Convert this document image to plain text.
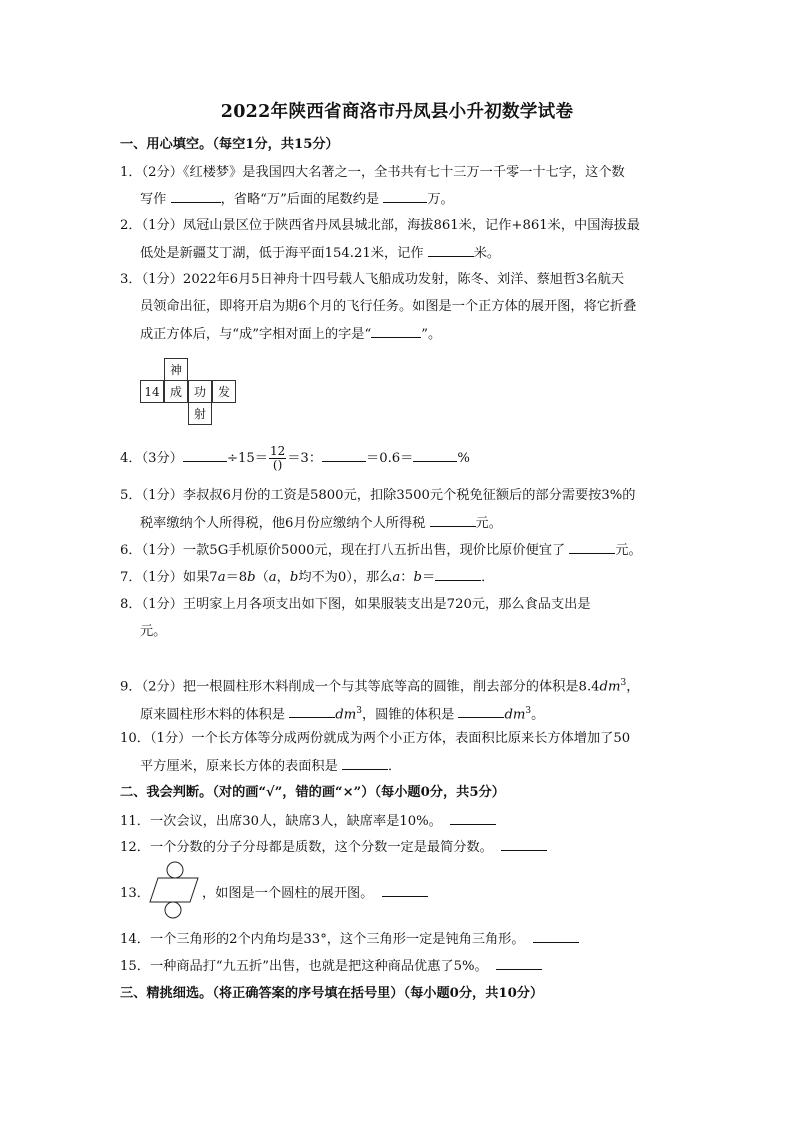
2022年陕西省商洛市丹凤县小升初数学试卷
一、用心填空。（每空1分，共15分）
1．（2分）《红楼梦》是我国四大名著之一，全书共有七十三万一千零一十七字，这个数
写作	，省略“万”后面的尾数约是	万。
2．（1分）凤冠山景区位于陕西省丹凤县城北部，海拔861米，记作+861米，中国海拔最
低处是新疆艾丁湖，低于海平面154.21米，记作	米。
3．（1分）2022年6月5日神舟十四号载人飞船成功发射，陈冬、刘洋、蔡旭哲3名航天
员领命出征，即将开启为期6个月的飞行任务。如图是一个正方体的展开图，将它折叠
成正方体后，与“成”字相对面上的字是“	”。
神
14 成 功 发
射
4．（3分）	$\div 15= \frac{12}{()} =3$：	＝0.6＝	%
5．（1分）李叔叔6月份的工资是5800元，扣除3500元个税免征额后的部分需要按3%的
税率缴纳个人所得税，他6月份应缴纳个人所得税	元。
6．（1分）一款5G手机原价5000元，现在打八五折出售，现价比原价便宜了	元。
7．（1分）如果7a＝8b（a，b均不为0），那么a：b＝	．
8．（1分）王明家上月各项支出如下图，如果服装支出是720元，那么食品支出是
元。
9．（2分）把一根圆柱形木料削成一个与其等底等高的圆锥，削去部分的体积是$8.4dm^3$，
原来圆柱形木料的体积是	$dm^3$，圆锥的体积是	$dm^3$。
10．（1分）一个长方体等分成两份就成为两个小正方体，表面积比原来长方体增加了50
平方厘米，原来长方体的表面积是	．
二、我会判断。（对的画“√”，错的画“×”）（每小题0分，共5分）
11．一次会议，出席30人，缺席3人，缺席率是10%。
12．一个分数的分子分母都是质数，这个分数一定是最简分数。
13．	，如图是一个圆柱的展开图。
14．一个三角形的2个内角均是33°，这个三角形一定是钝角三角形。
15．一种商品打“九五折”出售，也就是把这种商品优惠了5%。
三、精挑细选。（将正确答案的序号填在括号里）（每小题0分，共10分）
